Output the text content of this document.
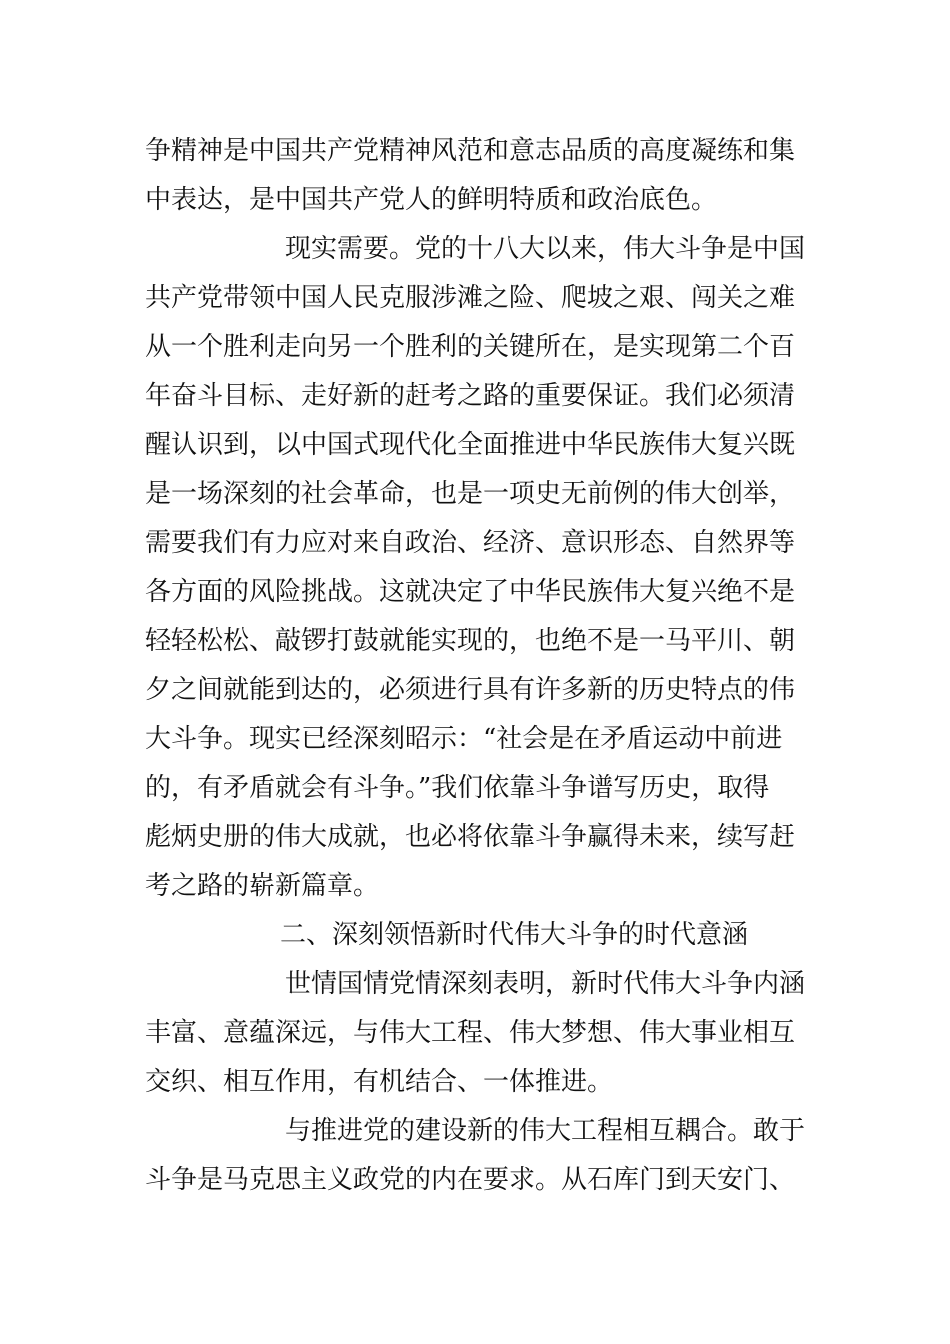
争精神是中国共产党精神风范和意志品质的高度凝练和集

中表达，是中国共产党人的鲜明特质和政治底色。

现实需要。党的十八大以来，伟大斗争是中国

共产党带领中国人民克服涉滩之险、爬坡之艰、闯关之难

从一个胜利走向另一个胜利的关键所在，是实现第二个百

年奋斗目标、走好新的赶考之路的重要保证。我们必须清

醒认识到，以中国式现代化全面推进中华民族伟大复兴既

是一场深刻的社会革命，也是一项史无前例的伟大创举，

需要我们有力应对来自政治、经济、意识形态、自然界等

各方面的风险挑战。这就决定了中华民族伟大复兴绝不是

轻轻松松、敲锣打鼓就能实现的，也绝不是一马平川、朝

夕之间就能到达的，必须进行具有许多新的历史特点的伟

大斗争。现实已经深刻昭示：“社会是在矛盾运动中前进

的，有矛盾就会有斗争。”我们依靠斗争谱写历史，取得

彪炳史册的伟大成就，也必将依靠斗争赢得未来，续写赶

考之路的崭新篇章。

二、深刻领悟新时代伟大斗争的时代意涵

世情国情党情深刻表明，新时代伟大斗争内涵

丰富、意蕴深远，与伟大工程、伟大梦想、伟大事业相互

交织、相互作用，有机结合、一体推进。

与推进党的建设新的伟大工程相互耦合。敢于

斗争是马克思主义政党的内在要求。从石库门到天安门、
